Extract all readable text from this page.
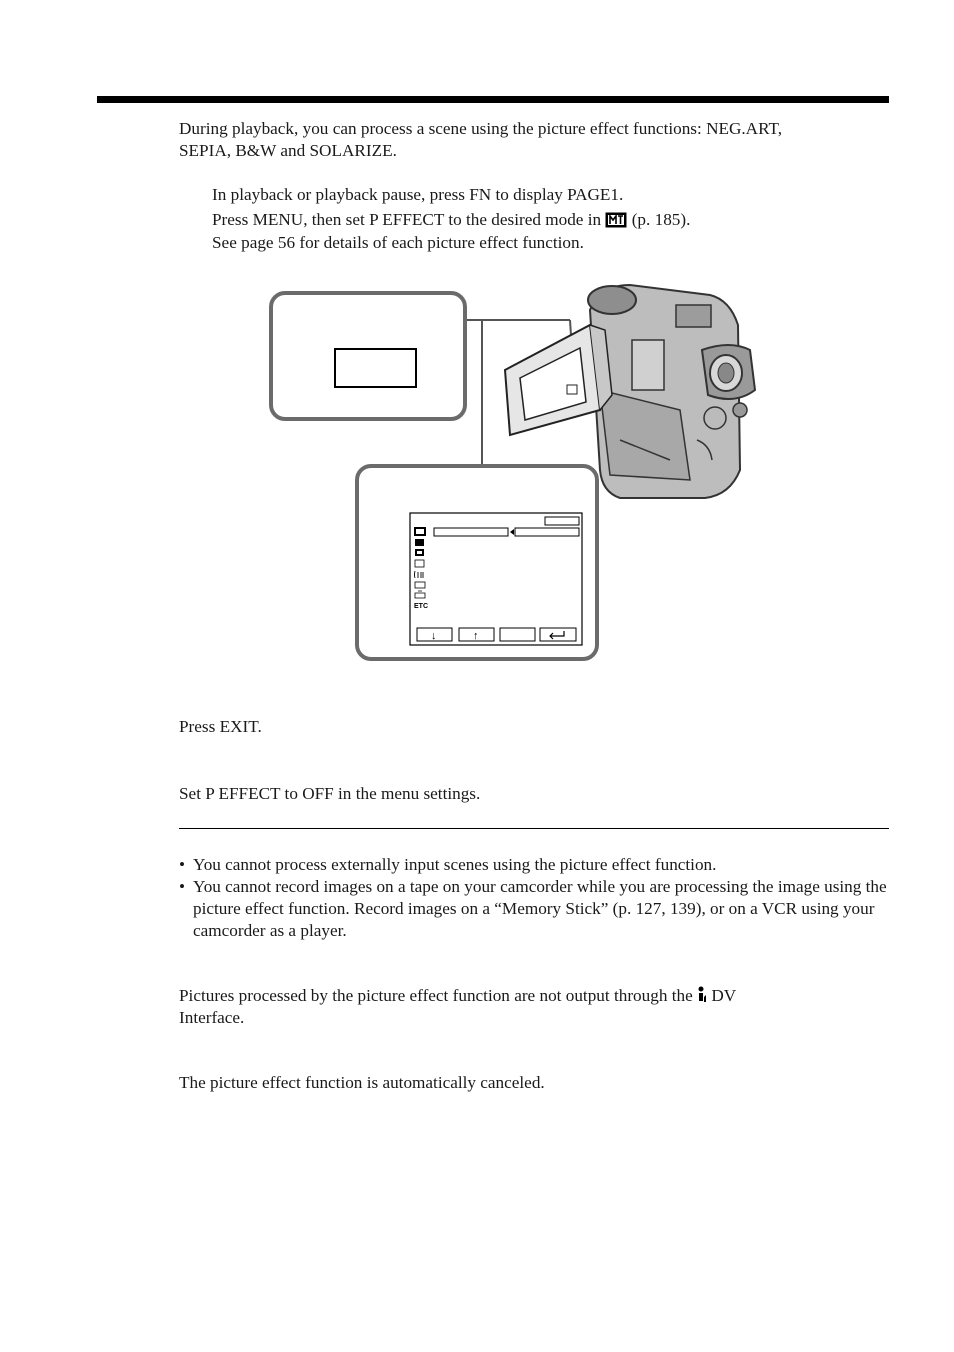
During playback, you can process a scene using the picture effect functions: NEG.ART,
SEPIA, B&W and SOLARIZE.

In playback or playback pause, press FN to display PAGE1.
Press MENU, then set P EFFECT to the desired mode in (p. 185).
See page 56 for details of each picture effect function.
ETC
↓	↑

Press EXIT.

Set P EFFECT to OFF in the menu settings.

• You cannot process externally input scenes using the picture effect function.
• You cannot record images on a tape on your camcorder while you are processing the image using the picture effect function. Record images on a “Memory Stick” (p. 127, 139), or on a VCR using your camcorder as a player.

Pictures processed by the picture effect function are not output through the DV
Interface.

The picture effect function is automatically canceled.
